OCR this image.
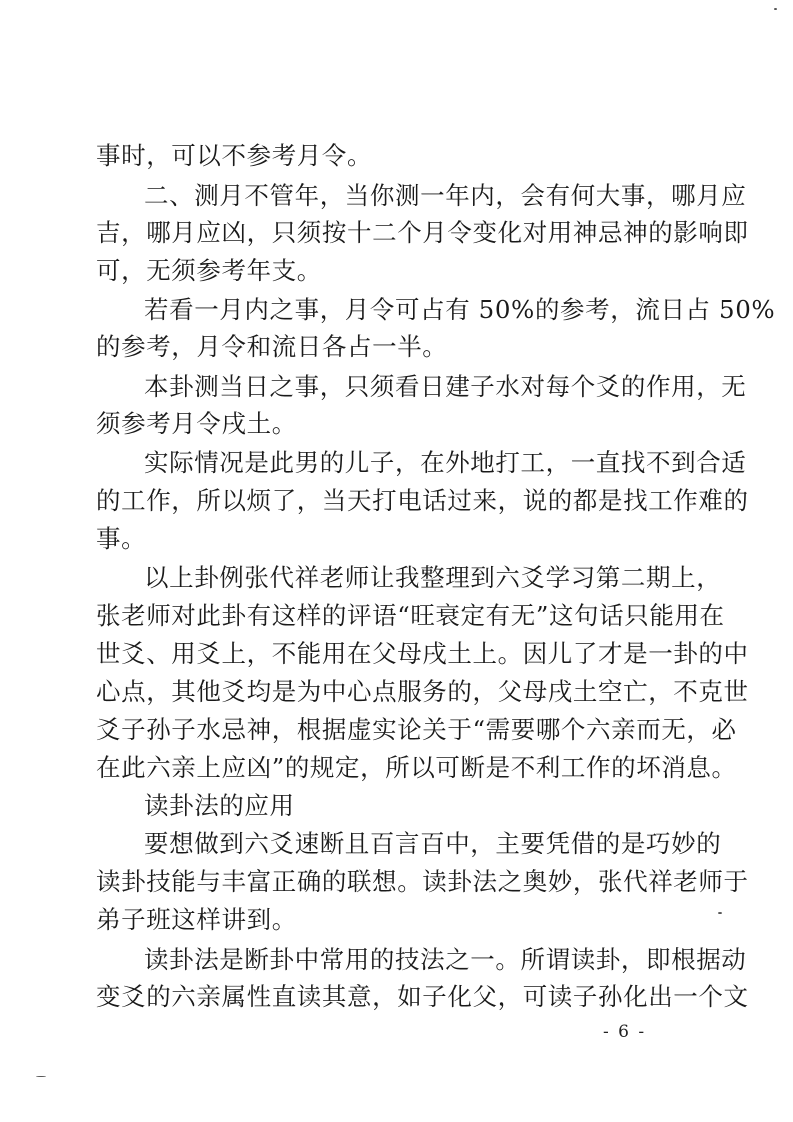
事时，可以不参考月令。
二、测月不管年，当你测一年内，会有何大事，哪月应
吉，哪月应凶，只须按十二个月令变化对用神忌神的影响即
可，无须参考年支。
若看一月内之事，月令可占有 50%的参考，流日占 50%
的参考，月令和流日各占一半。
本卦测当日之事，只须看日建子水对每个爻的作用，无
须参考月令戌土。
实际情况是此男的儿子，在外地打工，一直找不到合适
的工作，所以烦了，当天打电话过来，说的都是找工作难的
事。
以上卦例张代祥老师让我整理到六爻学习第二期上，
张老师对此卦有这样的评语“旺衰定有无”这句话只能用在
世爻、用爻上，不能用在父母戌土上。因儿了才是一卦的中
心点，其他爻均是为中心点服务的，父母戌土空亡，不克世
爻子孙子水忌神，根据虚实论关于“需要哪个六亲而无，必
在此六亲上应凶”的规定，所以可断是不利工作的坏消息。
读卦法的应用
要想做到六爻速断且百言百中，主要凭借的是巧妙的
读卦技能与丰富正确的联想。读卦法之奥妙，张代祥老师于
弟子班这样讲到。
读卦法是断卦中常用的技法之一。所谓读卦，即根据动
变爻的六亲属性直读其意，如子化父，可读子孙化出一个文
- 6 -
